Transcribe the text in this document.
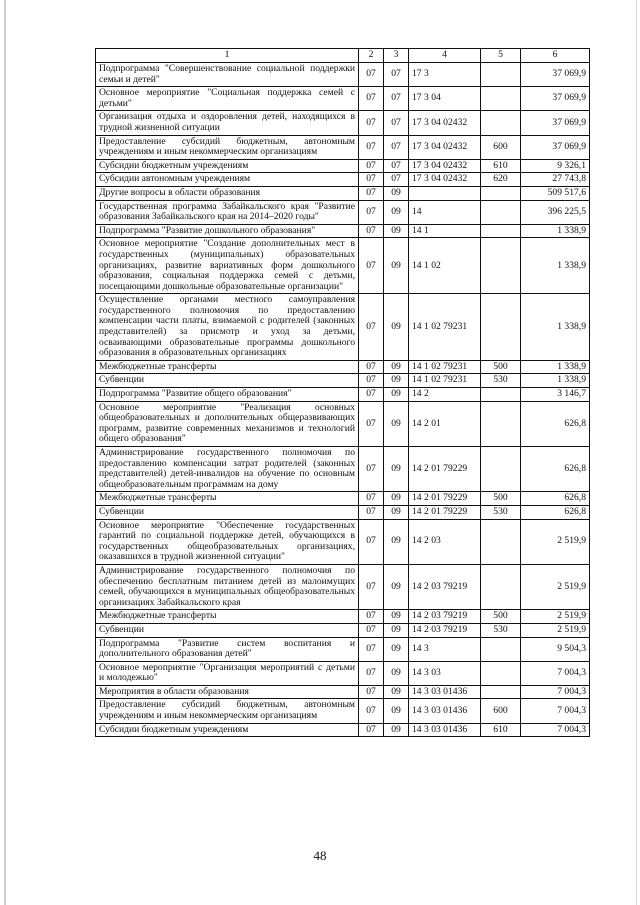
1	2	3	4	5	6
Подпрограмма "Совершенствование социальной поддержки семьи и детей"	07	07	17 3		37 069,9
Основное мероприятие "Социальная поддержка семей с детьми"	07	07	17 3 04		37 069,9
Организация отдыха и оздоровления детей, находящихся в трудной жизненной ситуации	07	07	17 3 04 02432		37 069,9
Предоставление субсидий бюджетным, автономным учреждениям и иным некоммерческим организациям	07	07	17 3 04 02432	600	37 069,9
Субсидии бюджетным учреждениям	07	07	17 3 04 02432	610	9 326,1
Субсидии автономным учреждениям	07	07	17 3 04 02432	620	27 743,8
Другие вопросы в области образования	07	09			509 517,6
Государственная программа Забайкальского края "Развитие образования Забайкальского края на 2014–2020 годы"	07	09	14		396 225,5
Подпрограмма "Развитие дошкольного образования"	07	09	14 1		1 338,9
Основное мероприятие "Создание дополнительных мест в государственных (муниципальных) образовательных организациях, развитие вариативных форм дошкольного образования, социальная поддержка семей с детьми, посещающими дошкольные образовательные организации"	07	09	14 1 02		1 338,9
Осуществление органами местного самоуправления государственного полномочия по предоставлению компенсации части платы, взимаемой с родителей (законных представителей) за присмотр и уход за детьми, осваивающими образовательные программы дошкольного образования в образовательных организациях	07	09	14 1 02 79231		1 338,9
Межбюджетные трансферты	07	09	14 1 02 79231	500	1 338,9
Субвенции	07	09	14 1 02 79231	530	1 338,9
Подпрограмма "Развитие общего образования"	07	09	14 2		3 146,7
Основное мероприятие "Реализация основных общеобразовательных и дополнительных общеразвивающих программ, развитие современных механизмов и технологий общего образования"	07	09	14 2 01		626,8
Администрирование государственного полномочия по предоставлению компенсации затрат родителей (законных представителей) детей-инвалидов на обучение по основным общеобразовательным программам на дому	07	09	14 2 01 79229		626,8
Межбюджетные трансферты	07	09	14 2 01 79229	500	626,8
Субвенции	07	09	14 2 01 79229	530	626,8
Основное мероприятие "Обеспечение государственных гарантий по социальной поддержке детей, обучающихся в государственных общеобразовательных организациях, оказавшихся в трудной жизненной ситуации"	07	09	14 2 03		2 519,9
Администрирование государственного полномочия по обеспечению бесплатным питанием детей из малоимущих семей, обучающихся в муниципальных общеобразовательных организациях Забайкальского края	07	09	14 2 03 79219		2 519,9
Межбюджетные трансферты	07	09	14 2 03 79219	500	2 519,9
Субвенции	07	09	14 2 03 79219	530	2 519,9
Подпрограмма "Развитие систем воспитания и дополнительного образования детей"	07	09	14 3		9 504,3
Основное мероприятие "Организация мероприятий с детьми и молодежью"	07	09	14 3 03		7 004,3
Мероприятия в области образования	07	09	14 3 03 01436		7 004,3
Предоставление субсидий бюджетным, автономным учреждениям и иным некоммерческим организациям	07	09	14 3 03 01436	600	7 004,3
Субсидии бюджетным учреждениям	07	09	14 3 03 01436	610	7 004,3
48
